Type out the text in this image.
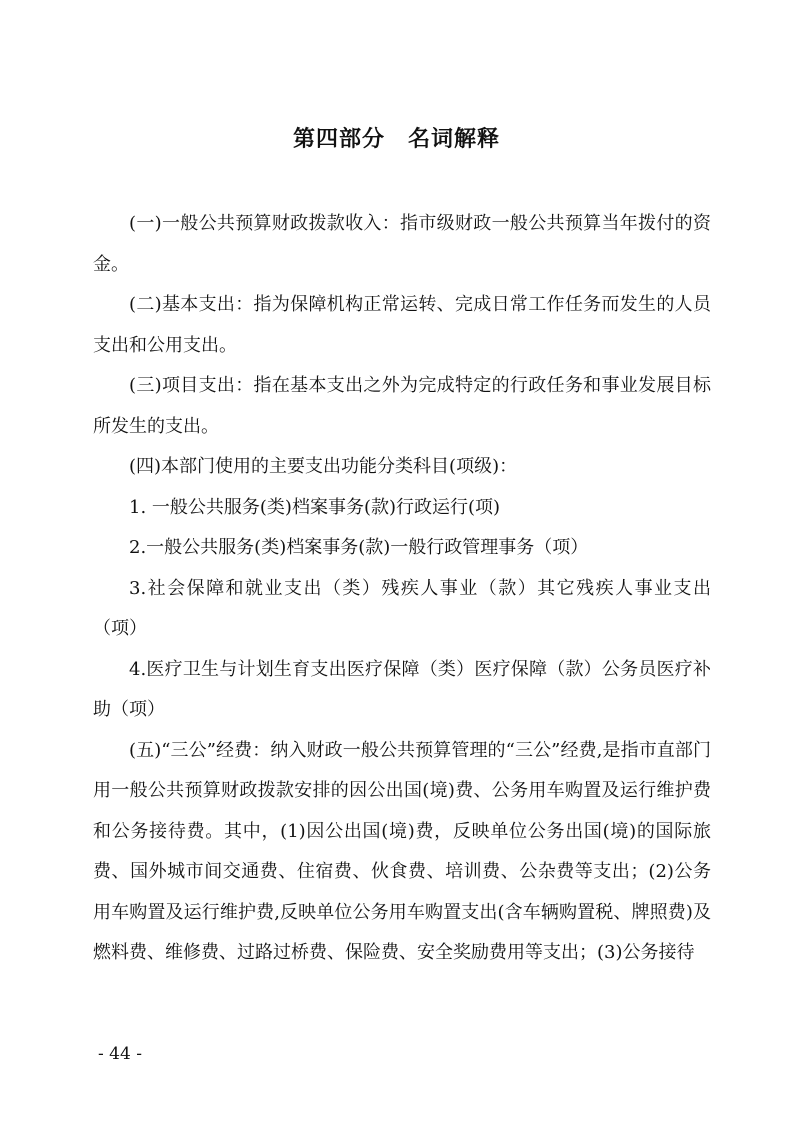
第四部分　名词解释

(一)一般公共预算财政拨款收入：指市级财政一般公共预算当年拨付的资金。

(二)基本支出：指为保障机构正常运转、完成日常工作任务而发生的人员支出和公用支出。

(三)项目支出：指在基本支出之外为完成特定的行政任务和事业发展目标所发生的支出。

(四)本部门使用的主要支出功能分类科目(项级)：

1. 一般公共服务(类)档案事务(款)行政运行(项)

2.一般公共服务(类)档案事务(款)一般行政管理事务（项）

3.社会保障和就业支出（类）残疾人事业（款）其它残疾人事业支出（项）

4.医疗卫生与计划生育支出医疗保障（类）医疗保障（款）公务员医疗补助（项）

(五)“三公”经费：纳入财政一般公共预算管理的“三公”经费,是指市直部门用一般公共预算财政拨款安排的因公出国(境)费、公务用车购置及运行维护费和公务接待费。其中，(1)因公出国(境)费，反映单位公务出国(境)的国际旅费、国外城市间交通费、住宿费、伙食费、培训费、公杂费等支出；(2)公务用车购置及运行维护费,反映单位公务用车购置支出(含车辆购置税、牌照费)及燃料费、维修费、过路过桥费、保险费、安全奖励费用等支出；(3)公务接待

- 44 -
